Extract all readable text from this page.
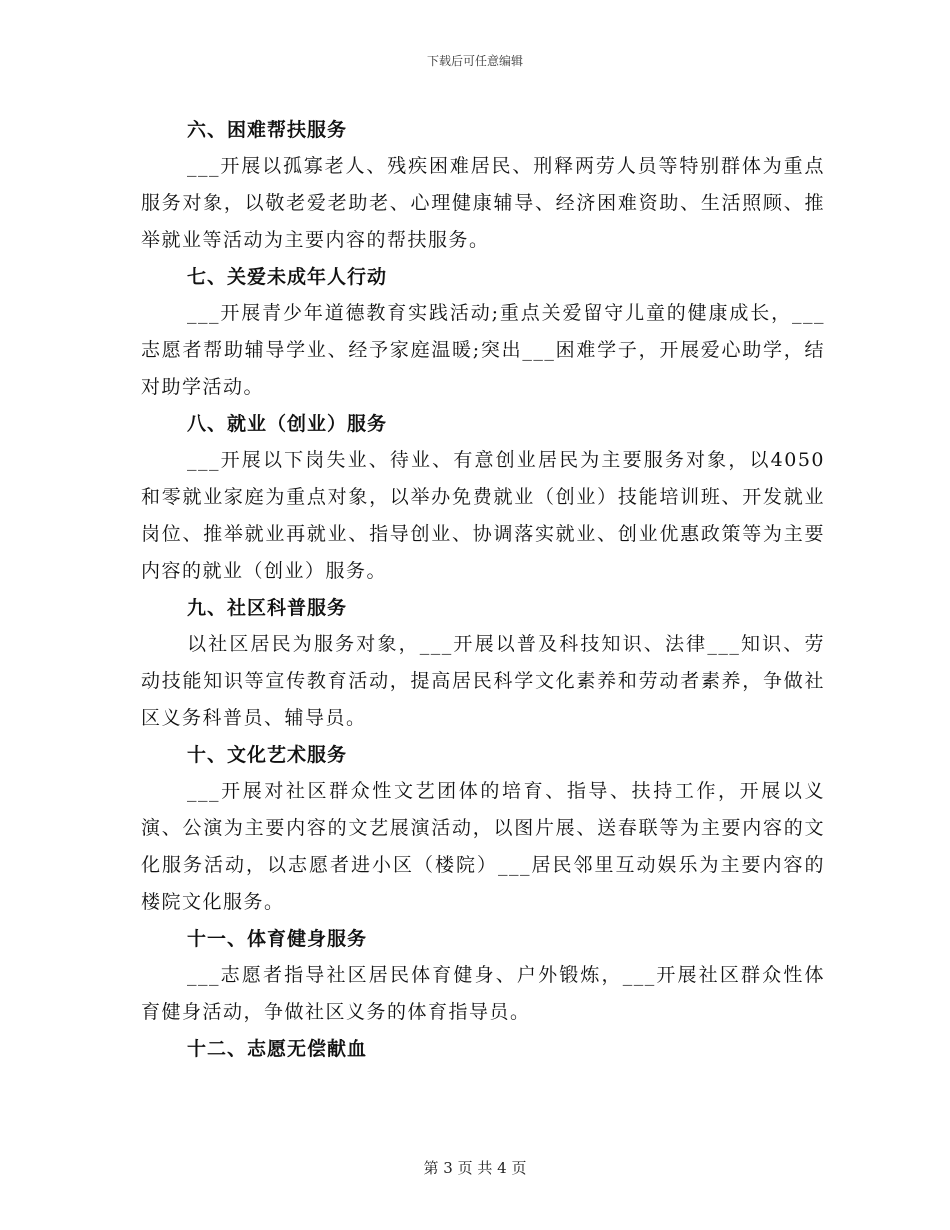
下载后可任意编辑

六、困难帮扶服务

___开展以孤寡老人、残疾困难居民、刑释两劳人员等特别群体为重点服务对象，以敬老爱老助老、心理健康辅导、经济困难资助、生活照顾、推举就业等活动为主要内容的帮扶服务。

七、关爱未成年人行动

___开展青少年道德教育实践活动;重点关爱留守儿童的健康成长，___志愿者帮助辅导学业、经予家庭温暖;突出___困难学子，开展爱心助学，结对助学活动。

八、就业（创业）服务

___开展以下岗失业、待业、有意创业居民为主要服务对象，以4050和零就业家庭为重点对象，以举办免费就业（创业）技能培训班、开发就业岗位、推举就业再就业、指导创业、协调落实就业、创业优惠政策等为主要内容的就业（创业）服务。

九、社区科普服务

以社区居民为服务对象，___开展以普及科技知识、法律___知识、劳动技能知识等宣传教育活动，提高居民科学文化素养和劳动者素养，争做社区义务科普员、辅导员。

十、文化艺术服务

___开展对社区群众性文艺团体的培育、指导、扶持工作，开展以义演、公演为主要内容的文艺展演活动，以图片展、送春联等为主要内容的文化服务活动，以志愿者进小区（楼院）___居民邻里互动娱乐为主要内容的楼院文化服务。

十一、体育健身服务

___志愿者指导社区居民体育健身、户外锻炼，___开展社区群众性体育健身活动，争做社区义务的体育指导员。

十二、志愿无偿献血

第 3 页 共 4 页
